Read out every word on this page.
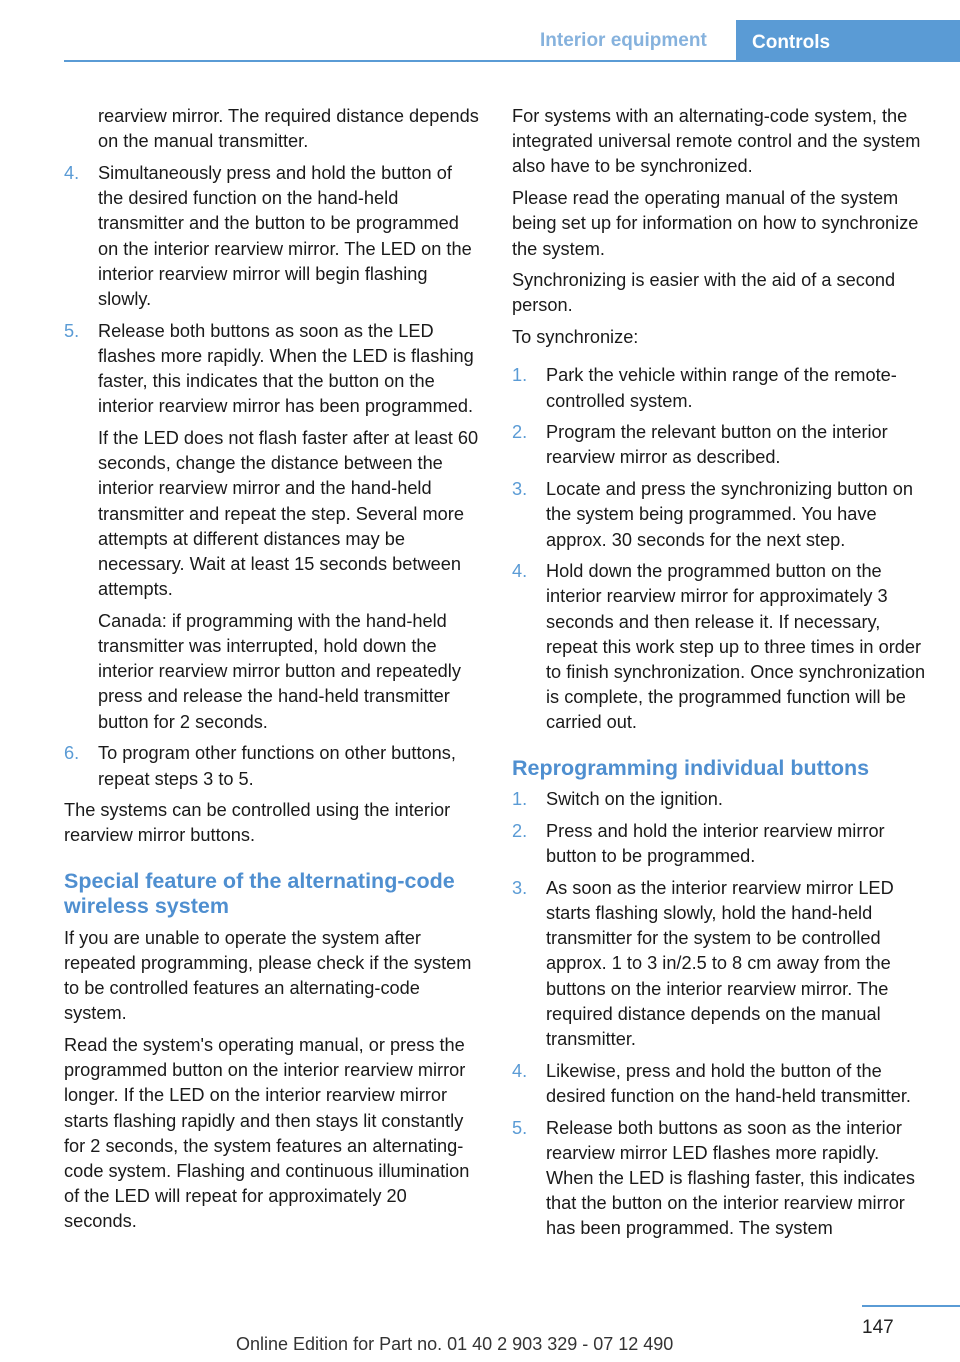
Interior equipment	Controls
rearview mirror. The required distance depends on the manual transmitter.
4. Simultaneously press and hold the button of the desired function on the hand-held transmitter and the button to be programmed on the interior rearview mirror. The LED on the interior rearview mirror will begin flashing slowly.
5. Release both buttons as soon as the LED flashes more rapidly. When the LED is flashing faster, this indicates that the button on the interior rearview mirror has been programmed.
If the LED does not flash faster after at least 60 seconds, change the distance between the interior rearview mirror and the hand-held transmitter and repeat the step. Several more attempts at different distances may be necessary. Wait at least 15 seconds between attempts.
Canada: if programming with the hand-held transmitter was interrupted, hold down the interior rearview mirror button and repeatedly press and release the hand-held transmitter button for 2 seconds.
6. To program other functions on other buttons, repeat steps 3 to 5.
The systems can be controlled using the interior rearview mirror buttons.
Special feature of the alternating-code wireless system
If you are unable to operate the system after repeated programming, please check if the system to be controlled features an alternating-code system.
Read the system's operating manual, or press the programmed button on the interior rearview mirror longer. If the LED on the interior rearview mirror starts flashing rapidly and then stays lit constantly for 2 seconds, the system features an alternating-code system. Flashing and continuous illumination of the LED will repeat for approximately 20 seconds.
For systems with an alternating-code system, the integrated universal remote control and the system also have to be synchronized.
Please read the operating manual of the system being set up for information on how to synchronize the system.
Synchronizing is easier with the aid of a second person.
To synchronize:
1. Park the vehicle within range of the remote-controlled system.
2. Program the relevant button on the interior rearview mirror as described.
3. Locate and press the synchronizing button on the system being programmed. You have approx. 30 seconds for the next step.
4. Hold down the programmed button on the interior rearview mirror for approximately 3 seconds and then release it. If necessary, repeat this work step up to three times in order to finish synchronization. Once synchronization is complete, the programmed function will be carried out.
Reprogramming individual buttons
1. Switch on the ignition.
2. Press and hold the interior rearview mirror button to be programmed.
3. As soon as the interior rearview mirror LED starts flashing slowly, hold the hand-held transmitter for the system to be controlled approx. 1 to 3 in/2.5 to 8 cm away from the buttons on the interior rearview mirror. The required distance depends on the manual transmitter.
4. Likewise, press and hold the button of the desired function on the hand-held transmitter.
5. Release both buttons as soon as the interior rearview mirror LED flashes more rapidly. When the LED is flashing faster, this indicates that the button on the interior rearview mirror has been programmed. The system
147
Online Edition for Part no. 01 40 2 903 329 - 07 12 490
